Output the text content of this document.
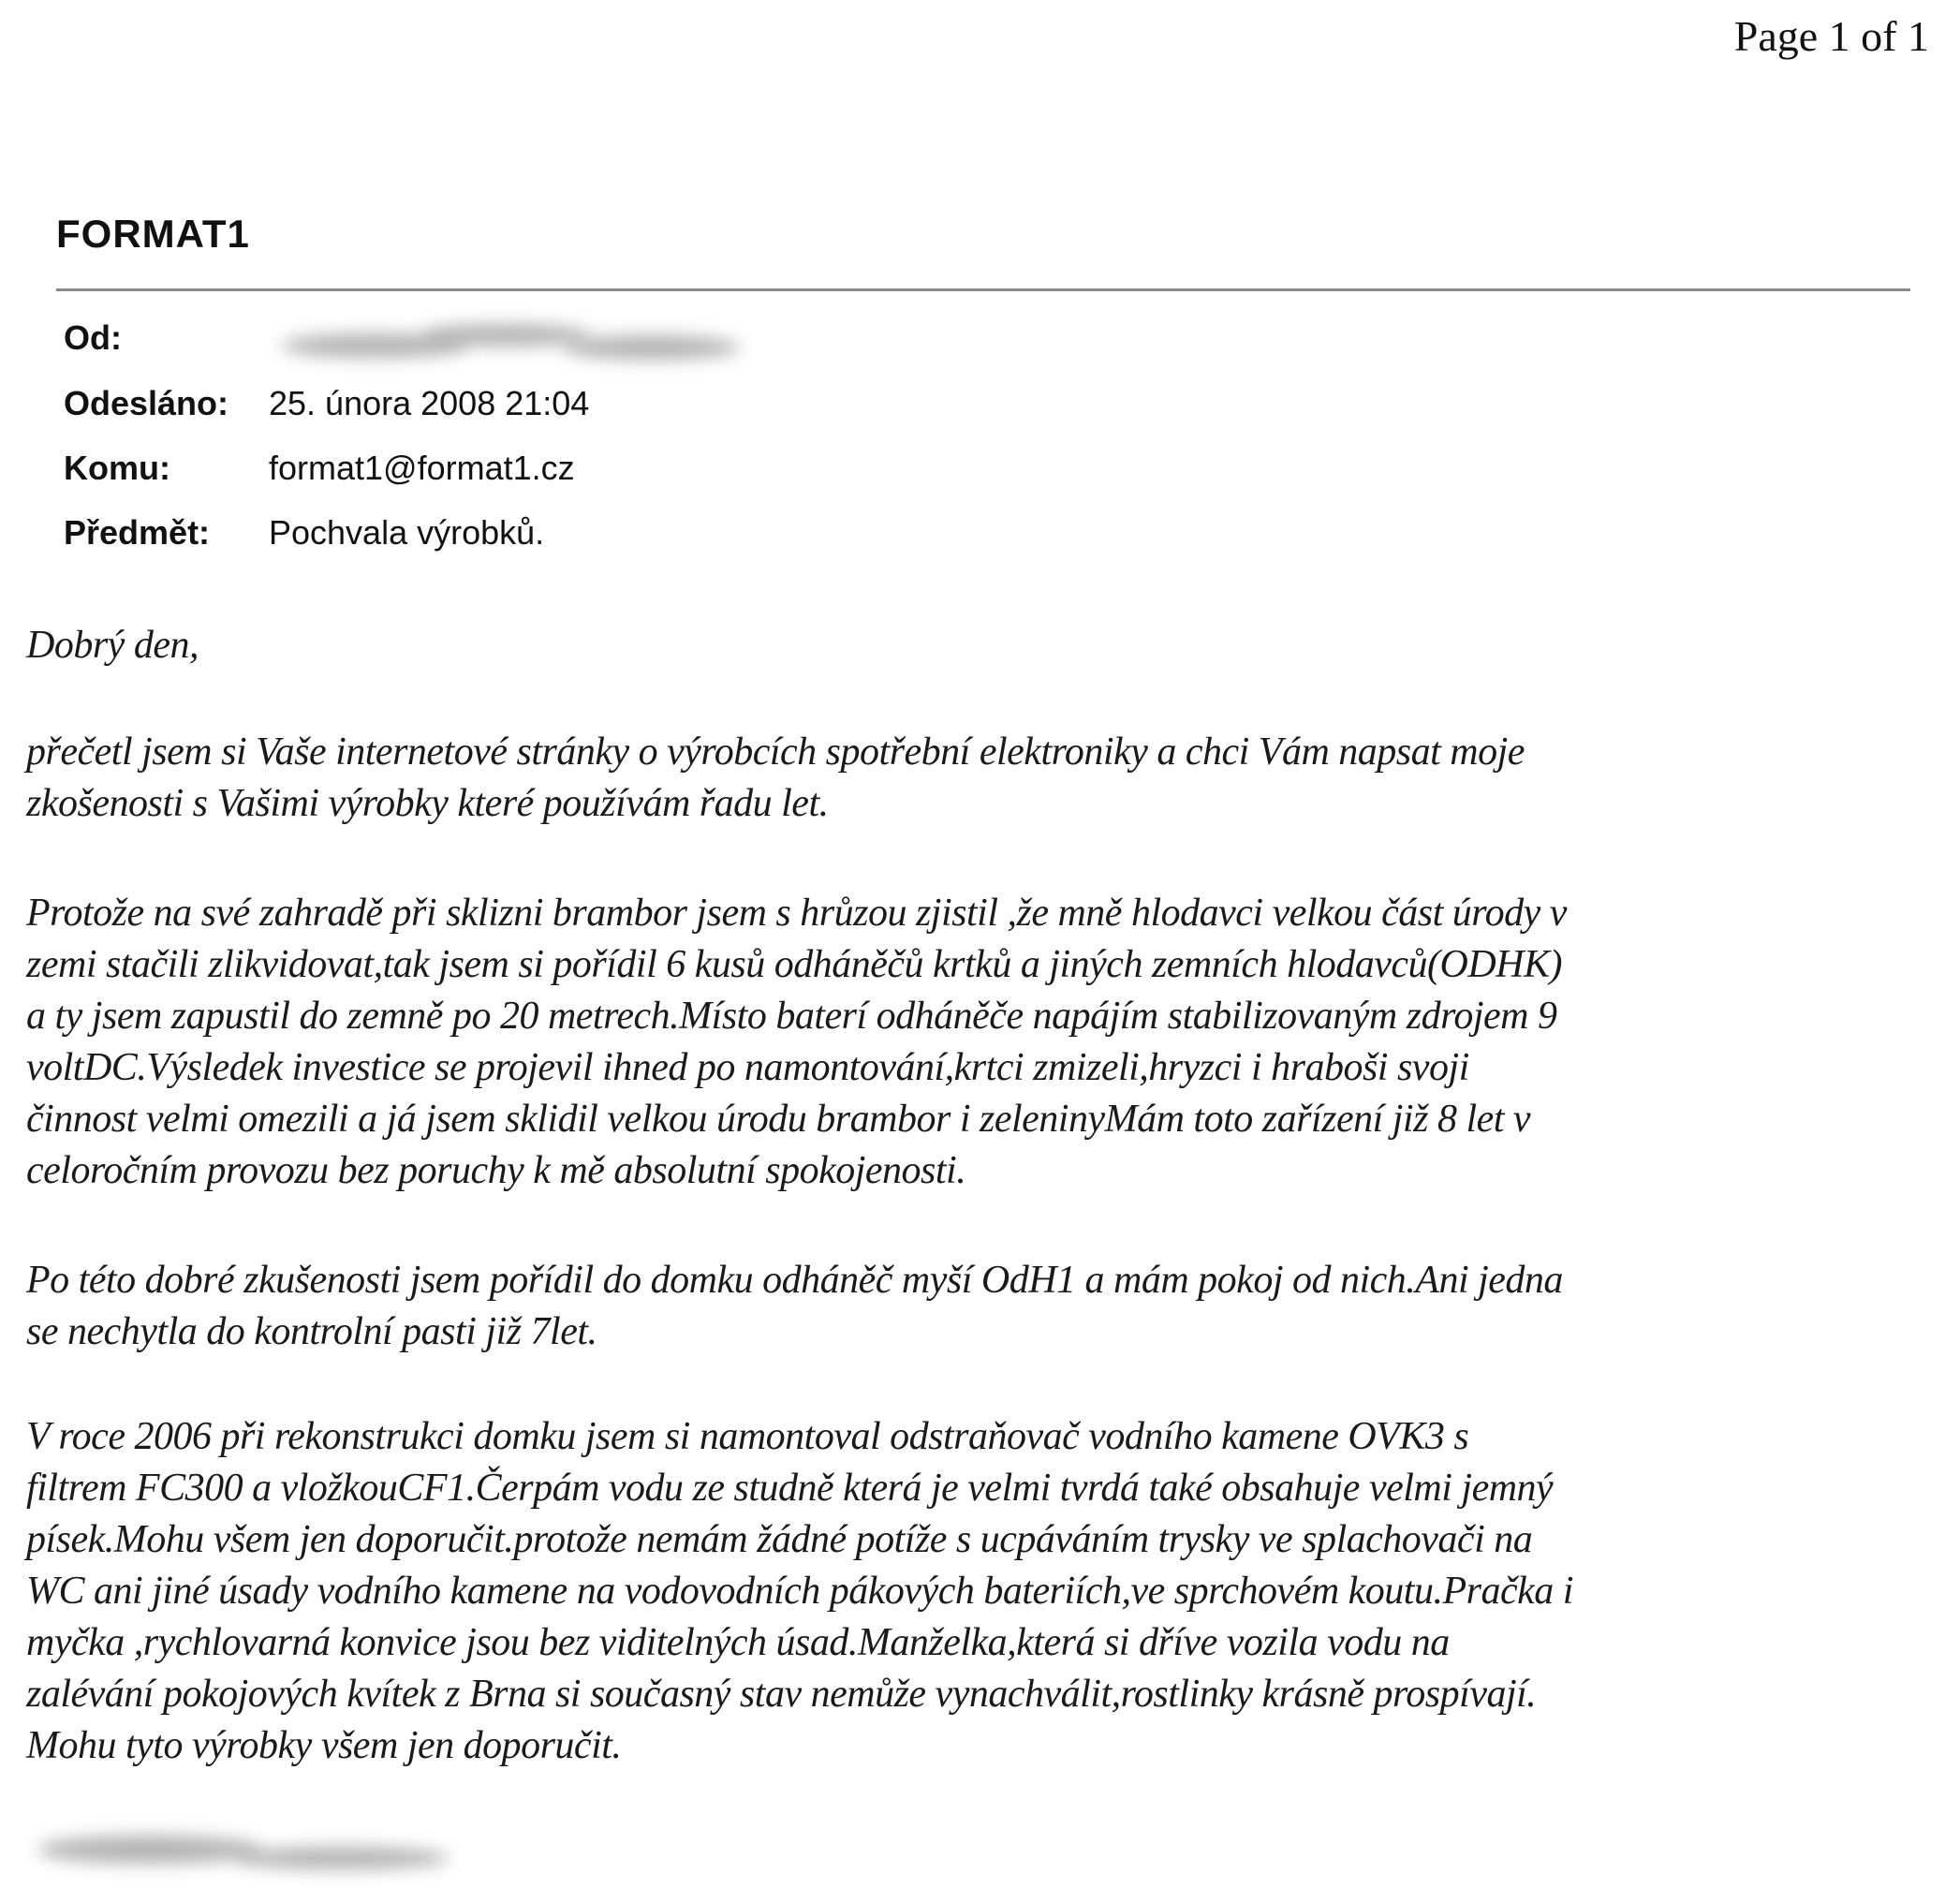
Page 1 of 1
FORMAT1
Od:
Odesláno: 25. února 2008 21:04
Komu:	format1@format1.cz
Předmět: Pochvala výrobků.
Dobrý den,
přečetl jsem si Vaše internetové stránky o výrobcích spotřební elektroniky a chci Vám napsat moje
zkošenosti s Vašimi výrobky které používám řadu let.
Protože na své zahradě při sklizni brambor jsem s hrůzou zjistil ,že mně hlodavci velkou část úrody v
zemi stačili zlikvidovat,tak jsem si pořídil 6 kusů odháněčů krtků a jiných zemních hlodavců(ODHK)
a ty jsem zapustil do zemně po 20 metrech.Místo baterí odháněče napájím stabilizovaným zdrojem 9
voltDC.Výsledek investice se projevil ihned po namontování,krtci zmizeli,hryzci i hraboši svoji
činnost velmi omezili a já jsem sklidil velkou úrodu brambor i zeleninyMám toto zařízení již 8 let v
celoročním provozu bez poruchy k mě absolutní spokojenosti.
Po této dobré zkušenosti jsem pořídil do domku odháněč myší OdH1 a mám pokoj od nich.Ani jedna
se nechytla do kontrolní pasti již 7let.
V roce 2006 při rekonstrukci domku jsem si namontoval odstraňovač vodního kamene OVK3 s
filtrem FC300 a vložkouCF1.Čerpám vodu ze studně která je velmi tvrdá také obsahuje velmi jemný
písek.Mohu všem jen doporučit.protože nemám žádné potíže s ucpáváním trysky ve splachovači na
WC ani jiné úsady vodního kamene na vodovodních pákových bateriích,ve sprchovém koutu.Pračka i
myčka ,rychlovarná konvice jsou bez viditelných úsad.Manželka,která si dříve vozila vodu na
zalévání pokojových kvítek z Brna si současný stav nemůže vynachválit,rostlinky krásně prospívají.
Mohu tyto výrobky všem jen doporučit.
